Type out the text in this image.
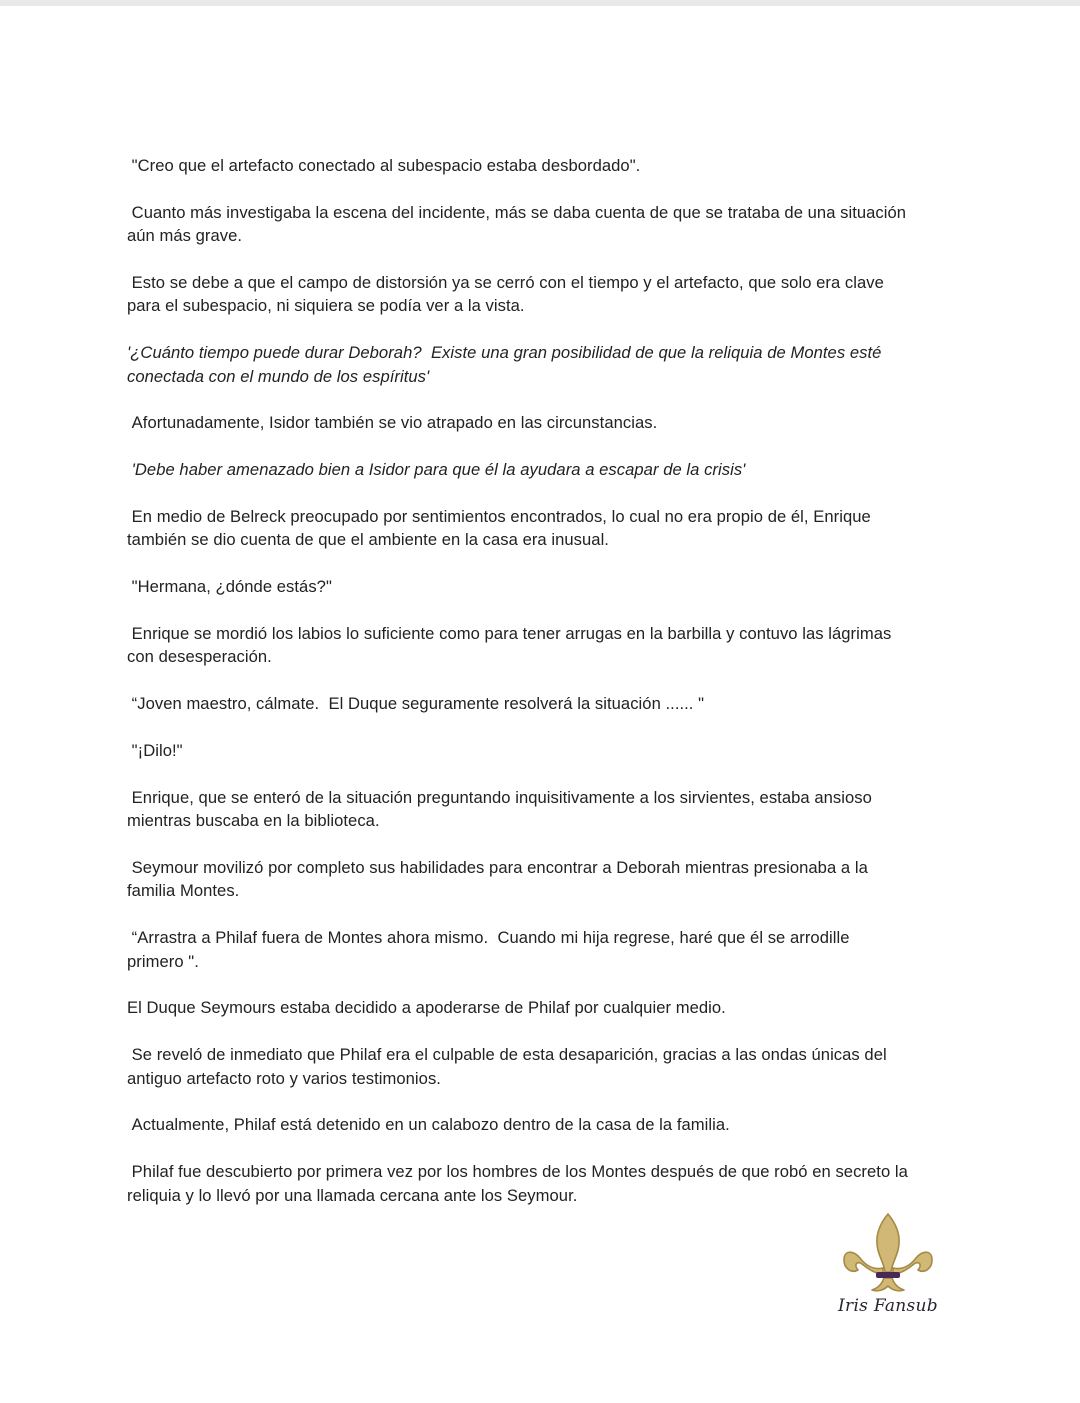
"Creo que el artefacto conectado al subespacio estaba desbordado".

Cuanto más investigaba la escena del incidente, más se daba cuenta de que se trataba de una situación
aún más grave.

Esto se debe a que el campo de distorsión ya se cerró con el tiempo y el artefacto, que solo era clave
para el subespacio, ni siquiera se podía ver a la vista.

'¿Cuánto tiempo puede durar Deborah?  Existe una gran posibilidad de que la reliquia de Montes esté
conectada con el mundo de los espíritus'

Afortunadamente, Isidor también se vio atrapado en las circunstancias.

'Debe haber amenazado bien a Isidor para que él la ayudara a escapar de la crisis'

En medio de Belreck preocupado por sentimientos encontrados, lo cual no era propio de él, Enrique
también se dio cuenta de que el ambiente en la casa era inusual.

"Hermana, ¿dónde estás?"

Enrique se mordió los labios lo suficiente como para tener arrugas en la barbilla y contuvo las lágrimas
con desesperación.

“Joven maestro, cálmate.  El Duque seguramente resolverá la situación ...... "

"¡Dilo!"

Enrique, que se enteró de la situación preguntando inquisitivamente a los sirvientes, estaba ansioso
mientras buscaba en la biblioteca.

Seymour movilizó por completo sus habilidades para encontrar a Deborah mientras presionaba a la
familia Montes.

“Arrastra a Philaf fuera de Montes ahora mismo.  Cuando mi hija regrese, haré que él se arrodille
primero ".

El Duque Seymours estaba decidido a apoderarse de Philaf por cualquier medio.

Se reveló de inmediato que Philaf era el culpable de esta desaparición, gracias a las ondas únicas del
antiguo artefacto roto y varios testimonios.

Actualmente, Philaf está detenido en un calabozo dentro de la casa de la familia.

Philaf fue descubierto por primera vez por los hombres de los Montes después de que robó en secreto la
reliquia y lo llevó por una llamada cercana ante los Seymour.

Iris Fansub
